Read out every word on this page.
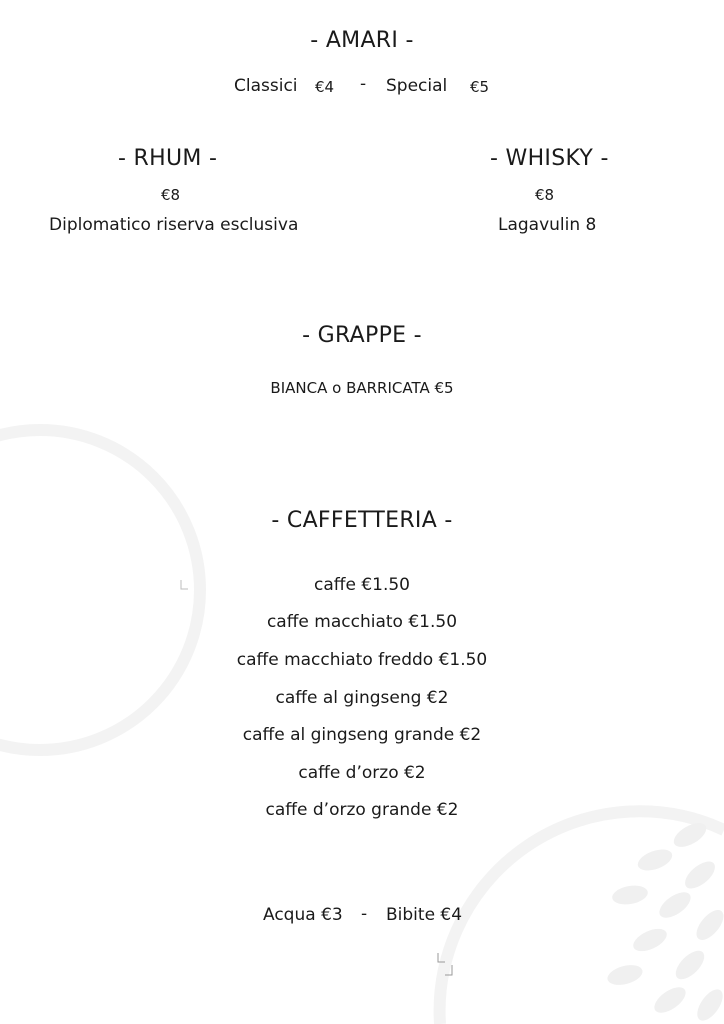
- AMARI -
Classici €4 - Special €5
- RHUM -
€8
Diplomatico riserva esclusiva
- WHISKY -
€8
Lagavulin 8
- GRAPPE -
BIANCA o BARRICATA €5
- CAFFETTERIA -
caffe €1.50
caffe macchiato €1.50
caffe macchiato freddo €1.50
caffe al gingseng €2
caffe al gingseng grande €2
caffe d’orzo €2
caffe d’orzo grande €2
Acqua €3 - Bibite €4
